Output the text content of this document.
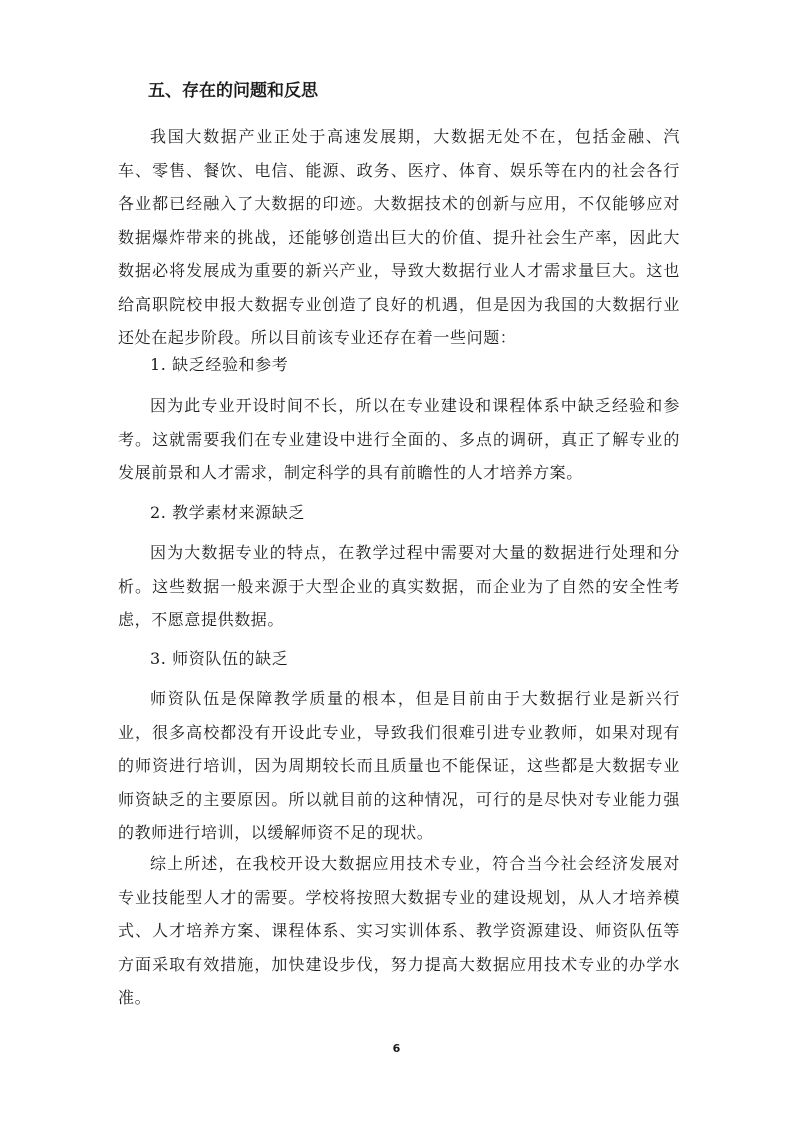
五、存在的问题和反思

我国大数据产业正处于高速发展期，大数据无处不在，包括金融、汽车、零售、餐饮、电信、能源、政务、医疗、体育、娱乐等在内的社会各行各业都已经融入了大数据的印迹。大数据技术的创新与应用，不仅能够应对数据爆炸带来的挑战，还能够创造出巨大的价值、提升社会生产率，因此大数据必将发展成为重要的新兴产业，导致大数据行业人才需求量巨大。这也给高职院校申报大数据专业创造了良好的机遇，但是因为我国的大数据行业还处在起步阶段。所以目前该专业还存在着一些问题：

1. 缺乏经验和参考

因为此专业开设时间不长，所以在专业建设和课程体系中缺乏经验和参考。这就需要我们在专业建设中进行全面的、多点的调研，真正了解专业的发展前景和人才需求，制定科学的具有前瞻性的人才培养方案。

2. 教学素材来源缺乏

因为大数据专业的特点，在教学过程中需要对大量的数据进行处理和分析。这些数据一般来源于大型企业的真实数据，而企业为了自然的安全性考虑，不愿意提供数据。

3. 师资队伍的缺乏

师资队伍是保障教学质量的根本，但是目前由于大数据行业是新兴行业，很多高校都没有开设此专业，导致我们很难引进专业教师，如果对现有的师资进行培训，因为周期较长而且质量也不能保证，这些都是大数据专业师资缺乏的主要原因。所以就目前的这种情况，可行的是尽快对专业能力强的教师进行培训，以缓解师资不足的现状。

综上所述，在我校开设大数据应用技术专业，符合当今社会经济发展对专业技能型人才的需要。学校将按照大数据专业的建设规划，从人才培养模式、人才培养方案、课程体系、实习实训体系、教学资源建设、师资队伍等方面采取有效措施，加快建设步伐，努力提高大数据应用技术专业的办学水准。

6
